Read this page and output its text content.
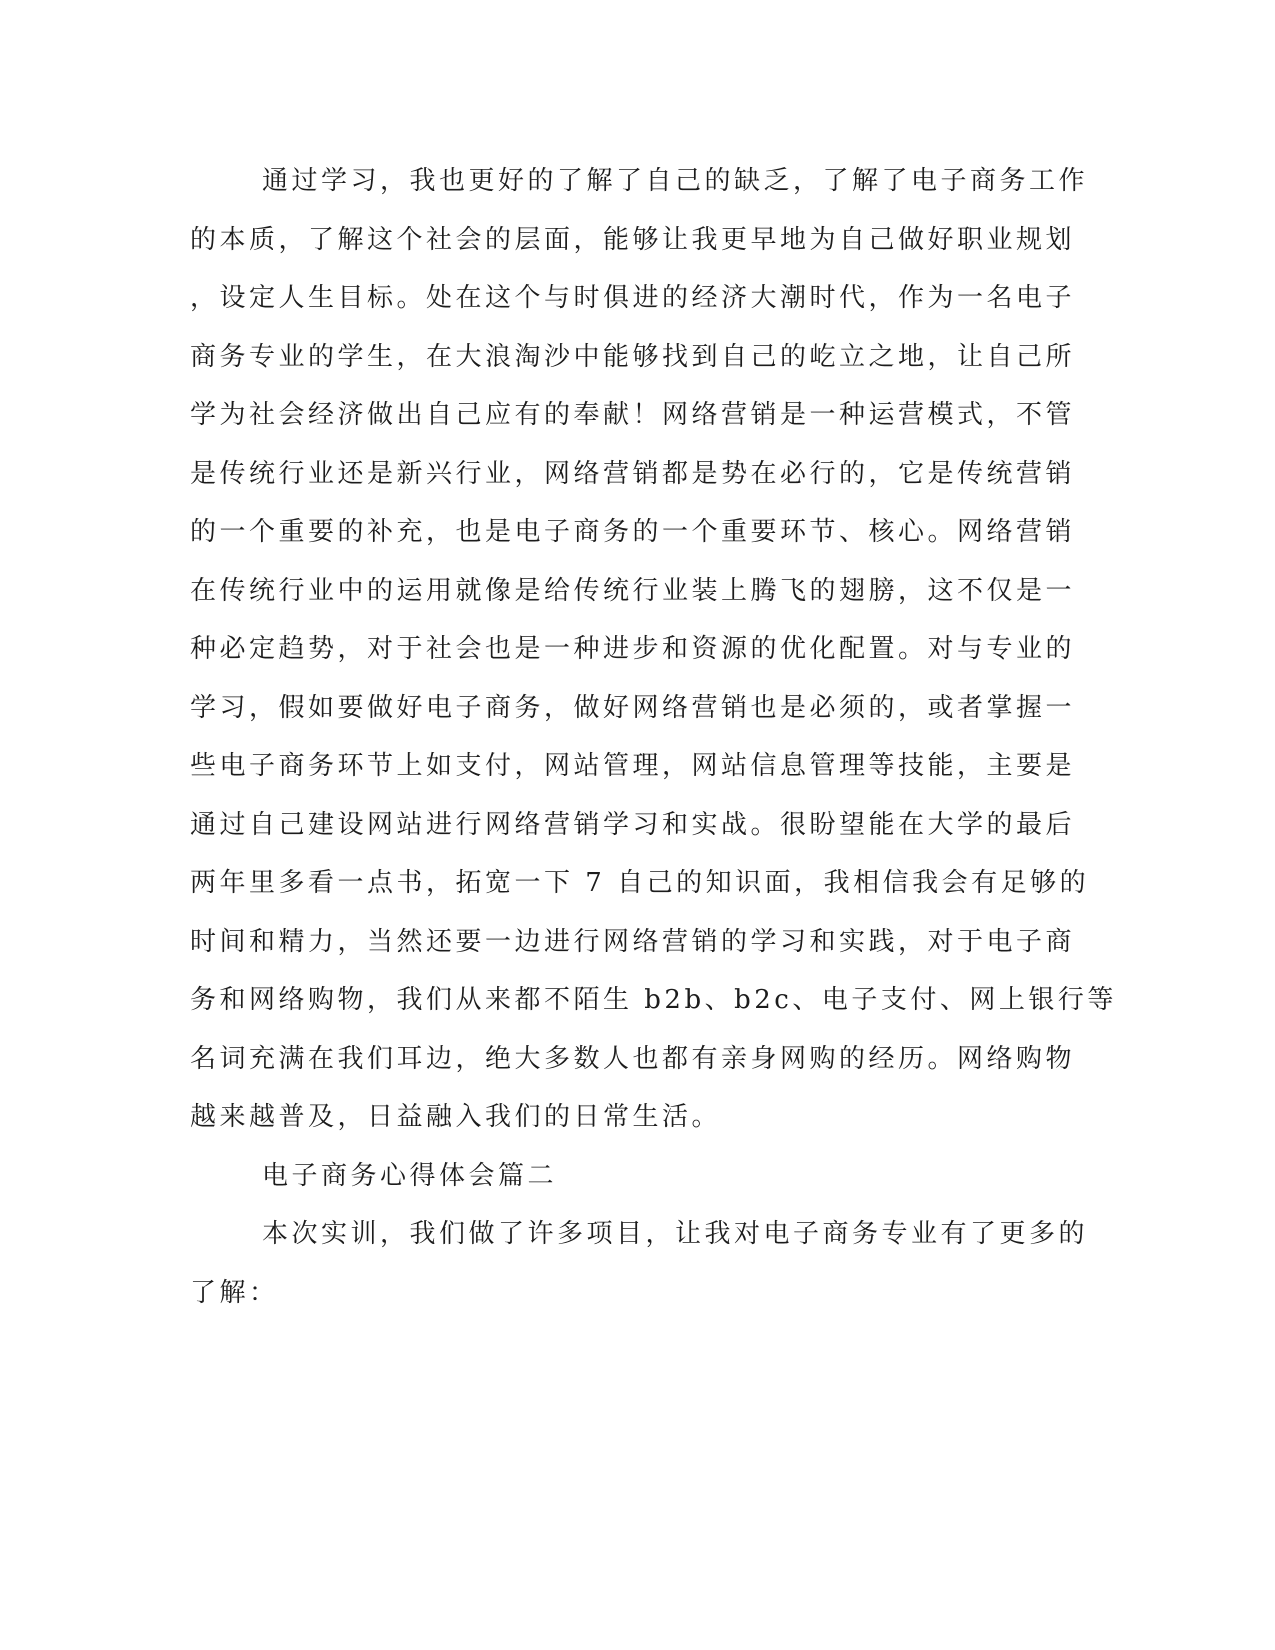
通过学习，我也更好的了解了自己的缺乏，了解了电子商务工作

的本质，了解这个社会的层面，能够让我更早地为自己做好职业规划

，设定人生目标。处在这个与时俱进的经济大潮时代，作为一名电子

商务专业的学生，在大浪淘沙中能够找到自己的屹立之地，让自己所

学为社会经济做出自己应有的奉献！网络营销是一种运营模式，不管

是传统行业还是新兴行业，网络营销都是势在必行的，它是传统营销

的一个重要的补充，也是电子商务的一个重要环节、核心。网络营销

在传统行业中的运用就像是给传统行业装上腾飞的翅膀，这不仅是一

种必定趋势，对于社会也是一种进步和资源的优化配置。对与专业的

学习，假如要做好电子商务，做好网络营销也是必须的，或者掌握一

些电子商务环节上如支付，网站管理，网站信息管理等技能，主要是

通过自己建设网站进行网络营销学习和实战。很盼望能在大学的最后

两年里多看一点书，拓宽一下 7 自己的知识面，我相信我会有足够的

时间和精力，当然还要一边进行网络营销的学习和实践，对于电子商

务和网络购物，我们从来都不陌生 b2b、b2c、电子支付、网上银行等

名词充满在我们耳边，绝大多数人也都有亲身网购的经历。网络购物

越来越普及，日益融入我们的日常生活。

电子商务心得体会篇二

本次实训，我们做了许多项目，让我对电子商务专业有了更多的

了解：
